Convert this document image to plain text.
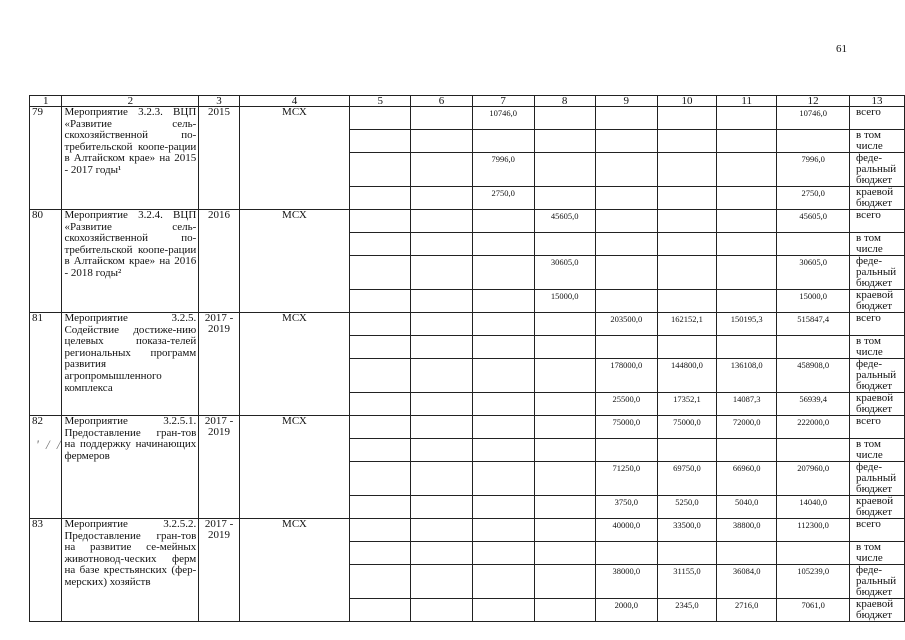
61
1	2	3	4	5	6	7	8	9	10	11	12	13
79	Мероприятие 3.2.3. ВЦП «Развитие сель-скохозяйственной по-требительской коопе-рации в Алтайском крае» на 2015 - 2017 годы¹	2015	МСХ			10746,0					10746,0	всего
												в том числе
						7996,0					7996,0	феде-ральный бюджет
						2750,0					2750,0	краевой бюджет
80	Мероприятие 3.2.4. ВЦП «Развитие сель-скохозяйственной по-требительской коопе-рации в Алтайском крае» на 2016 - 2018 годы²	2016	МСХ				45605,0				45605,0	всего
												в том числе
							30605,0				30605,0	феде-ральный бюджет
							15000,0				15000,0	краевой бюджет
81	Мероприятие 3.2.5. Содействие достиже-нию целевых показа-телей региональных программ развития агропромышленного комплекса	2017 - 2019	МСХ					203500,0	162152,1	150195,3	515847,4	всего
												в том числе
								178000,0	144800,0	136108,0	458908,0	феде-ральный бюджет
								25500,0	17352,1	14087,3	56939,4	краевой бюджет
82	Мероприятие 3.2.5.1. Предоставление гран-тов на поддержку начинающих фермеров	2017 - 2019	МСХ					75000,0	75000,0	72000,0	222000,0	всего
												в том числе
								71250,0	69750,0	66960,0	207960,0	феде-ральный бюджет
								3750,0	5250,0	5040,0	14040,0	краевой бюджет
83	Мероприятие 3.2.5.2. Предоставление гран-тов на развитие се-мейных животновод-ческих ферм на базе крестьянских (фер-мерских) хозяйств	2017 - 2019	МСХ					40000,0	33500,0	38800,0	112300,0	всего
												в том числе
								38000,0	31155,0	36084,0	105239,0	феде-ральный бюджет
								2000,0	2345,0	2716,0	7061,0	краевой бюджет
' / /
